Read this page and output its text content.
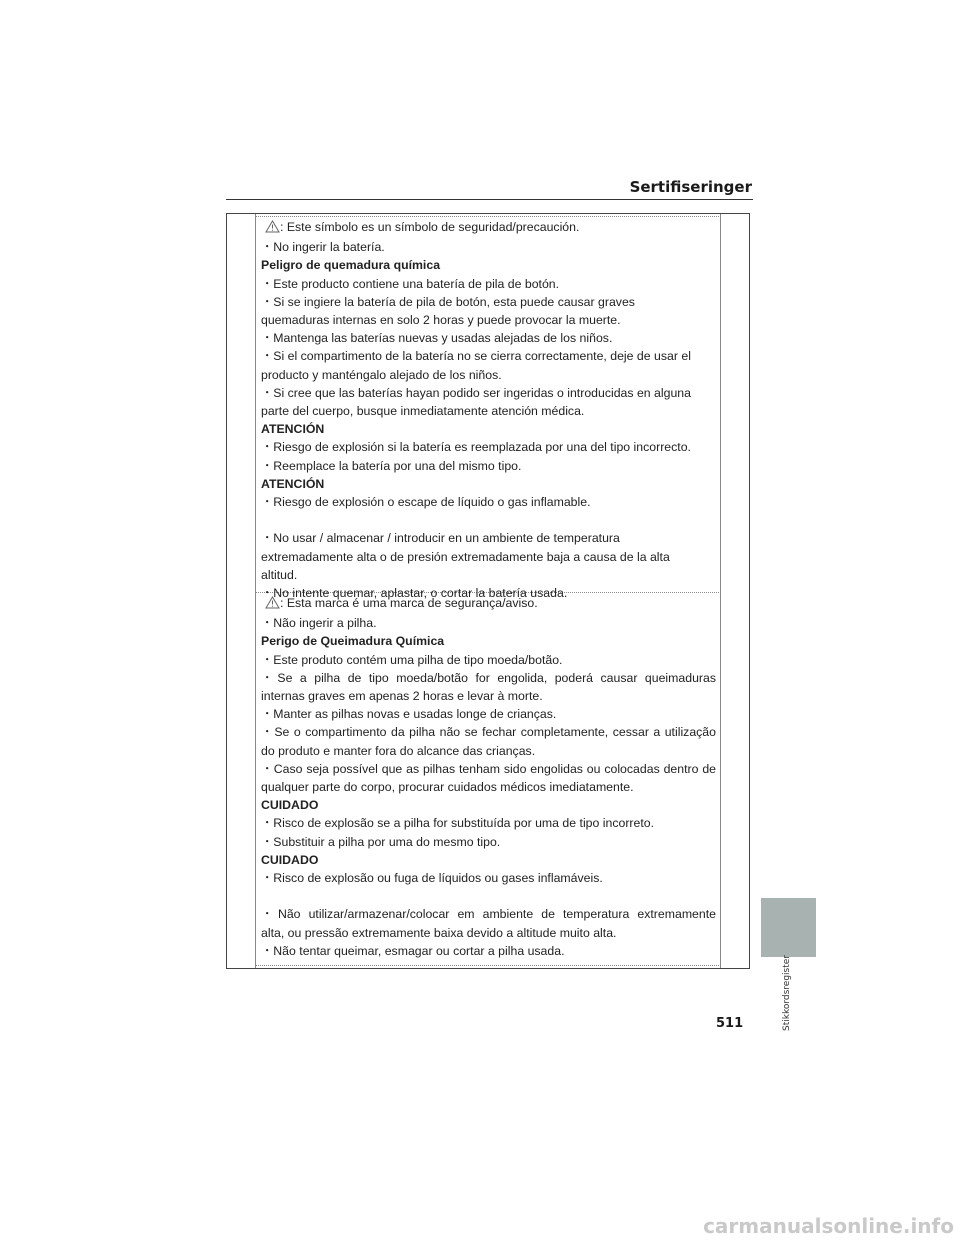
Sertifiseringer
: Este símbolo es un símbolo de seguridad/precaución.
・No ingerir la batería.
Peligro de quemadura química
・Este producto contiene una batería de pila de botón.
・Si se ingiere la batería de pila de botón, esta puede causar graves
quemaduras internas en solo 2 horas y puede provocar la muerte.
・Mantenga las baterías nuevas y usadas alejadas de los niños.
・Si el compartimento de la batería no se cierra correctamente, deje de usar el
producto y manténgalo alejado de los niños.
・Si cree que las baterías hayan podido ser ingeridas o introducidas en alguna
parte del cuerpo, busque inmediatamente atención médica.
ATENCIÓN
・Riesgo de explosión si la batería es reemplazada por una del tipo incorrecto.
・Reemplace la batería por una del mismo tipo.
ATENCIÓN
・Riesgo de explosión o escape de líquido o gas inflamable.
・No usar / almacenar / introducir en un ambiente de temperatura
extremadamente alta o de presión extremadamente baja a causa de la alta
altitud.
・No intente quemar, aplastar, o cortar la batería usada.
: Esta marca é uma marca de segurança/aviso.
・Não ingerir a pilha.
Perigo de Queimadura Química
・Este produto contém uma pilha de tipo moeda/botão.
・Se a pilha de tipo moeda/botão for engolida, poderá causar queimaduras
internas graves em apenas 2 horas e levar à morte.
・Manter as pilhas novas e usadas longe de crianças.
・Se o compartimento da pilha não se fechar completamente, cessar a utilização
do produto e manter fora do alcance das crianças.
・Caso seja possível que as pilhas tenham sido engolidas ou colocadas dentro de
qualquer parte do corpo, procurar cuidados médicos imediatamente.
CUIDADO
・Risco de explosão se a pilha for substituída por uma de tipo incorreto.
・Substituir a pilha por uma do mesmo tipo.
CUIDADO
・Risco de explosão ou fuga de líquidos ou gases inflamáveis.
・Não utilizar/armazenar/colocar em ambiente de temperatura extremamente
alta, ou pressão extremamente baixa devido a altitude muito alta.
・Não tentar queimar, esmagar ou cortar a pilha usada.
Stikkordsregister
511
carmanualsonline.info
